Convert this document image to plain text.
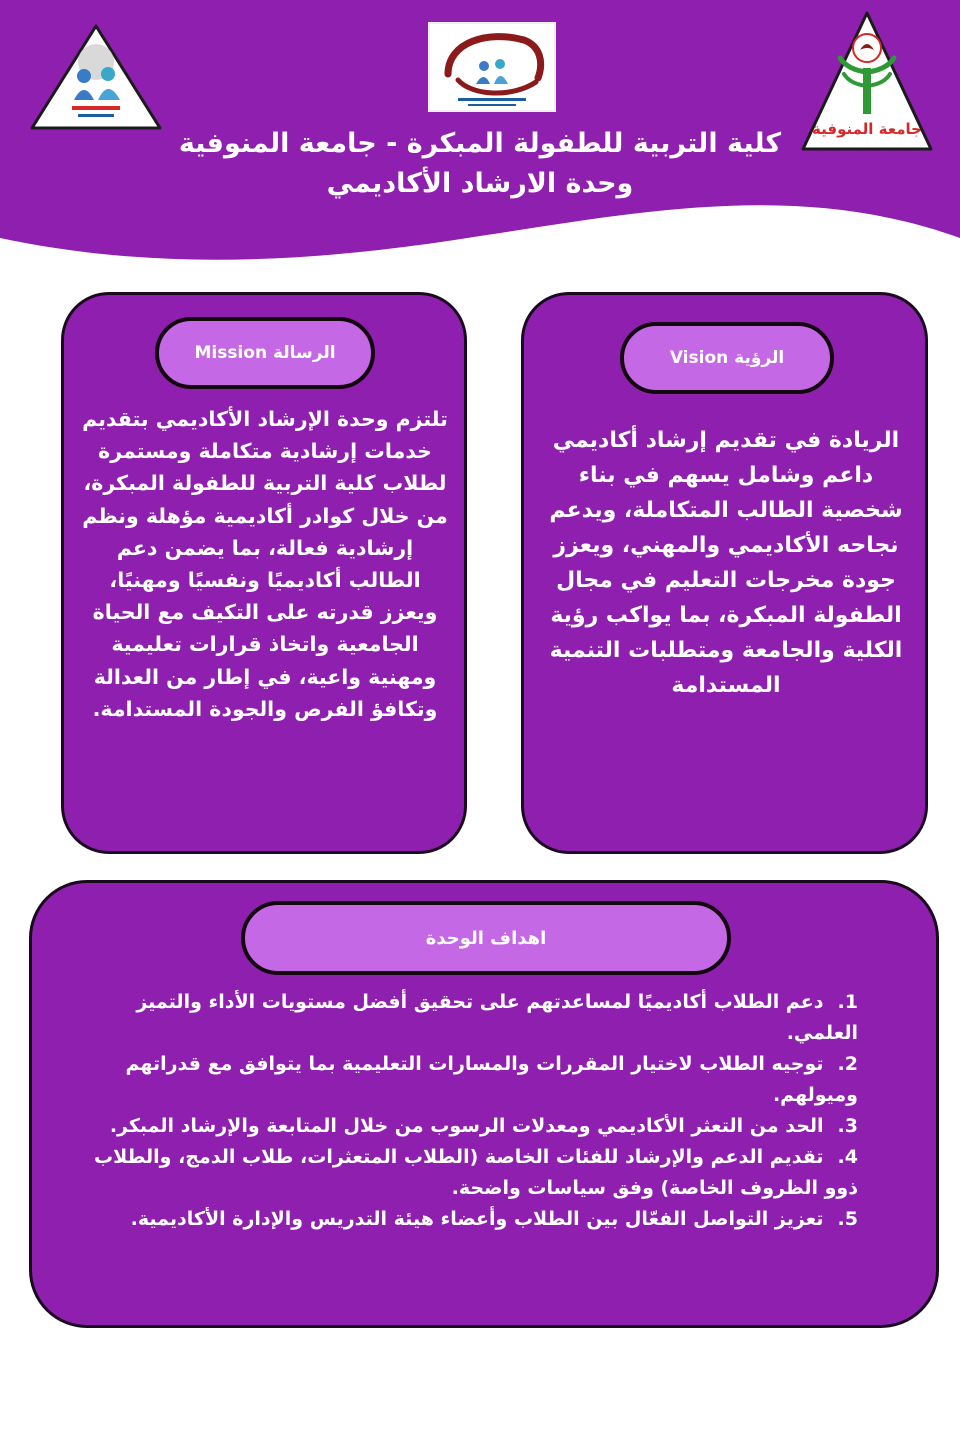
جامعة المنوفية
كلية التربية للطفولة المبكرة - جامعة المنوفية
وحدة الارشاد الأكاديمي
الرؤية Vision

الريادة في تقديم إرشاد أكاديمي داعم وشامل يسهم في بناء شخصية الطالب المتكاملة، ويدعم نجاحه الأكاديمي والمهني، ويعزز جودة مخرجات التعليم في مجال الطفولة المبكرة، بما يواكب رؤية الكلية والجامعة ومتطلبات التنمية المستدامة

الرسالة Mission

تلتزم وحدة الإرشاد الأكاديمي بتقديم خدمات إرشادية متكاملة ومستمرة لطلاب كلية التربية للطفولة المبكرة، من خلال كوادر أكاديمية مؤهلة ونظم إرشادية فعالة، بما يضمن دعم الطالب أكاديميًا ونفسيًا ومهنيًا، ويعزز قدرته على التكيف مع الحياة الجامعية واتخاذ قرارات تعليمية ومهنية واعية، في إطار من العدالة وتكافؤ الفرص والجودة المستدامة.

اهداف الوحدة
1.دعم الطلاب أكاديميًا لمساعدتهم على تحقيق أفضل مستويات الأداء والتميز العلمي.
2.توجيه الطلاب لاختيار المقررات والمسارات التعليمية بما يتوافق مع قدراتهم وميولهم.
3.الحد من التعثر الأكاديمي ومعدلات الرسوب من خلال المتابعة والإرشاد المبكر.
4.تقديم الدعم والإرشاد للفئات الخاصة (الطلاب المتعثرات، طلاب الدمج، والطلاب ذوو الظروف الخاصة) وفق سياسات واضحة.
5.تعزيز التواصل الفعّال بين الطلاب وأعضاء هيئة التدريس والإدارة الأكاديمية.
